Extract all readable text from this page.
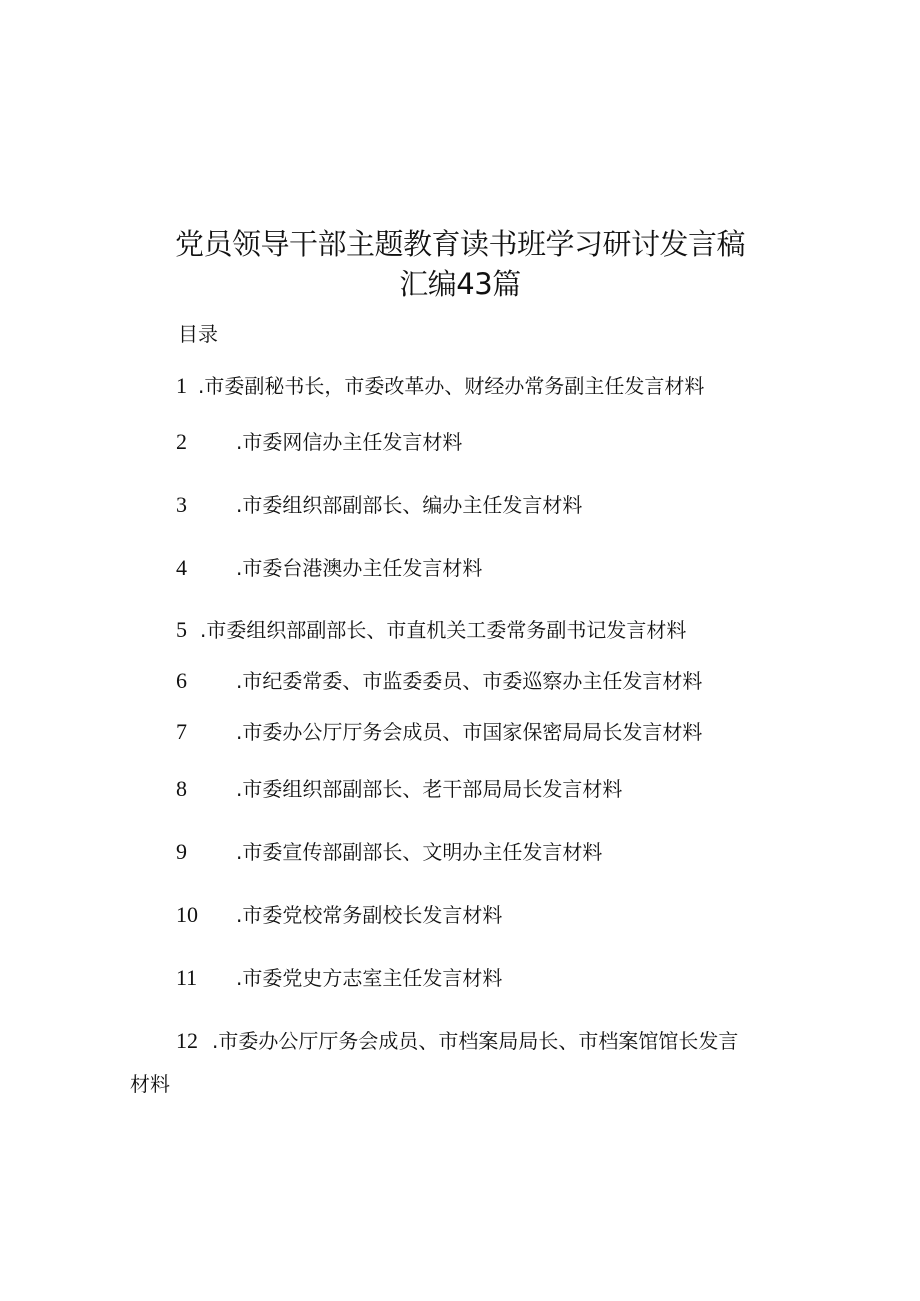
党员领导干部主题教育读书班学习研讨发言稿
汇编43篇
目录
1 .市委副秘书长，市委改革办、财经办常务副主任发言材料
2 .市委网信办主任发言材料
3 .市委组织部副部长、编办主任发言材料
4 .市委台港澳办主任发言材料
5 .市委组织部副部长、市直机关工委常务副书记发言材料
6 .市纪委常委、市监委委员、市委巡察办主任发言材料
7 .市委办公厅厅务会成员、市国家保密局局长发言材料
8 .市委组织部副部长、老干部局局长发言材料
9 .市委宣传部副部长、文明办主任发言材料
10 .市委党校常务副校长发言材料
11 .市委党史方志室主任发言材料
12 .市委办公厅厅务会成员、市档案局局长、市档案馆馆长发言
材料
